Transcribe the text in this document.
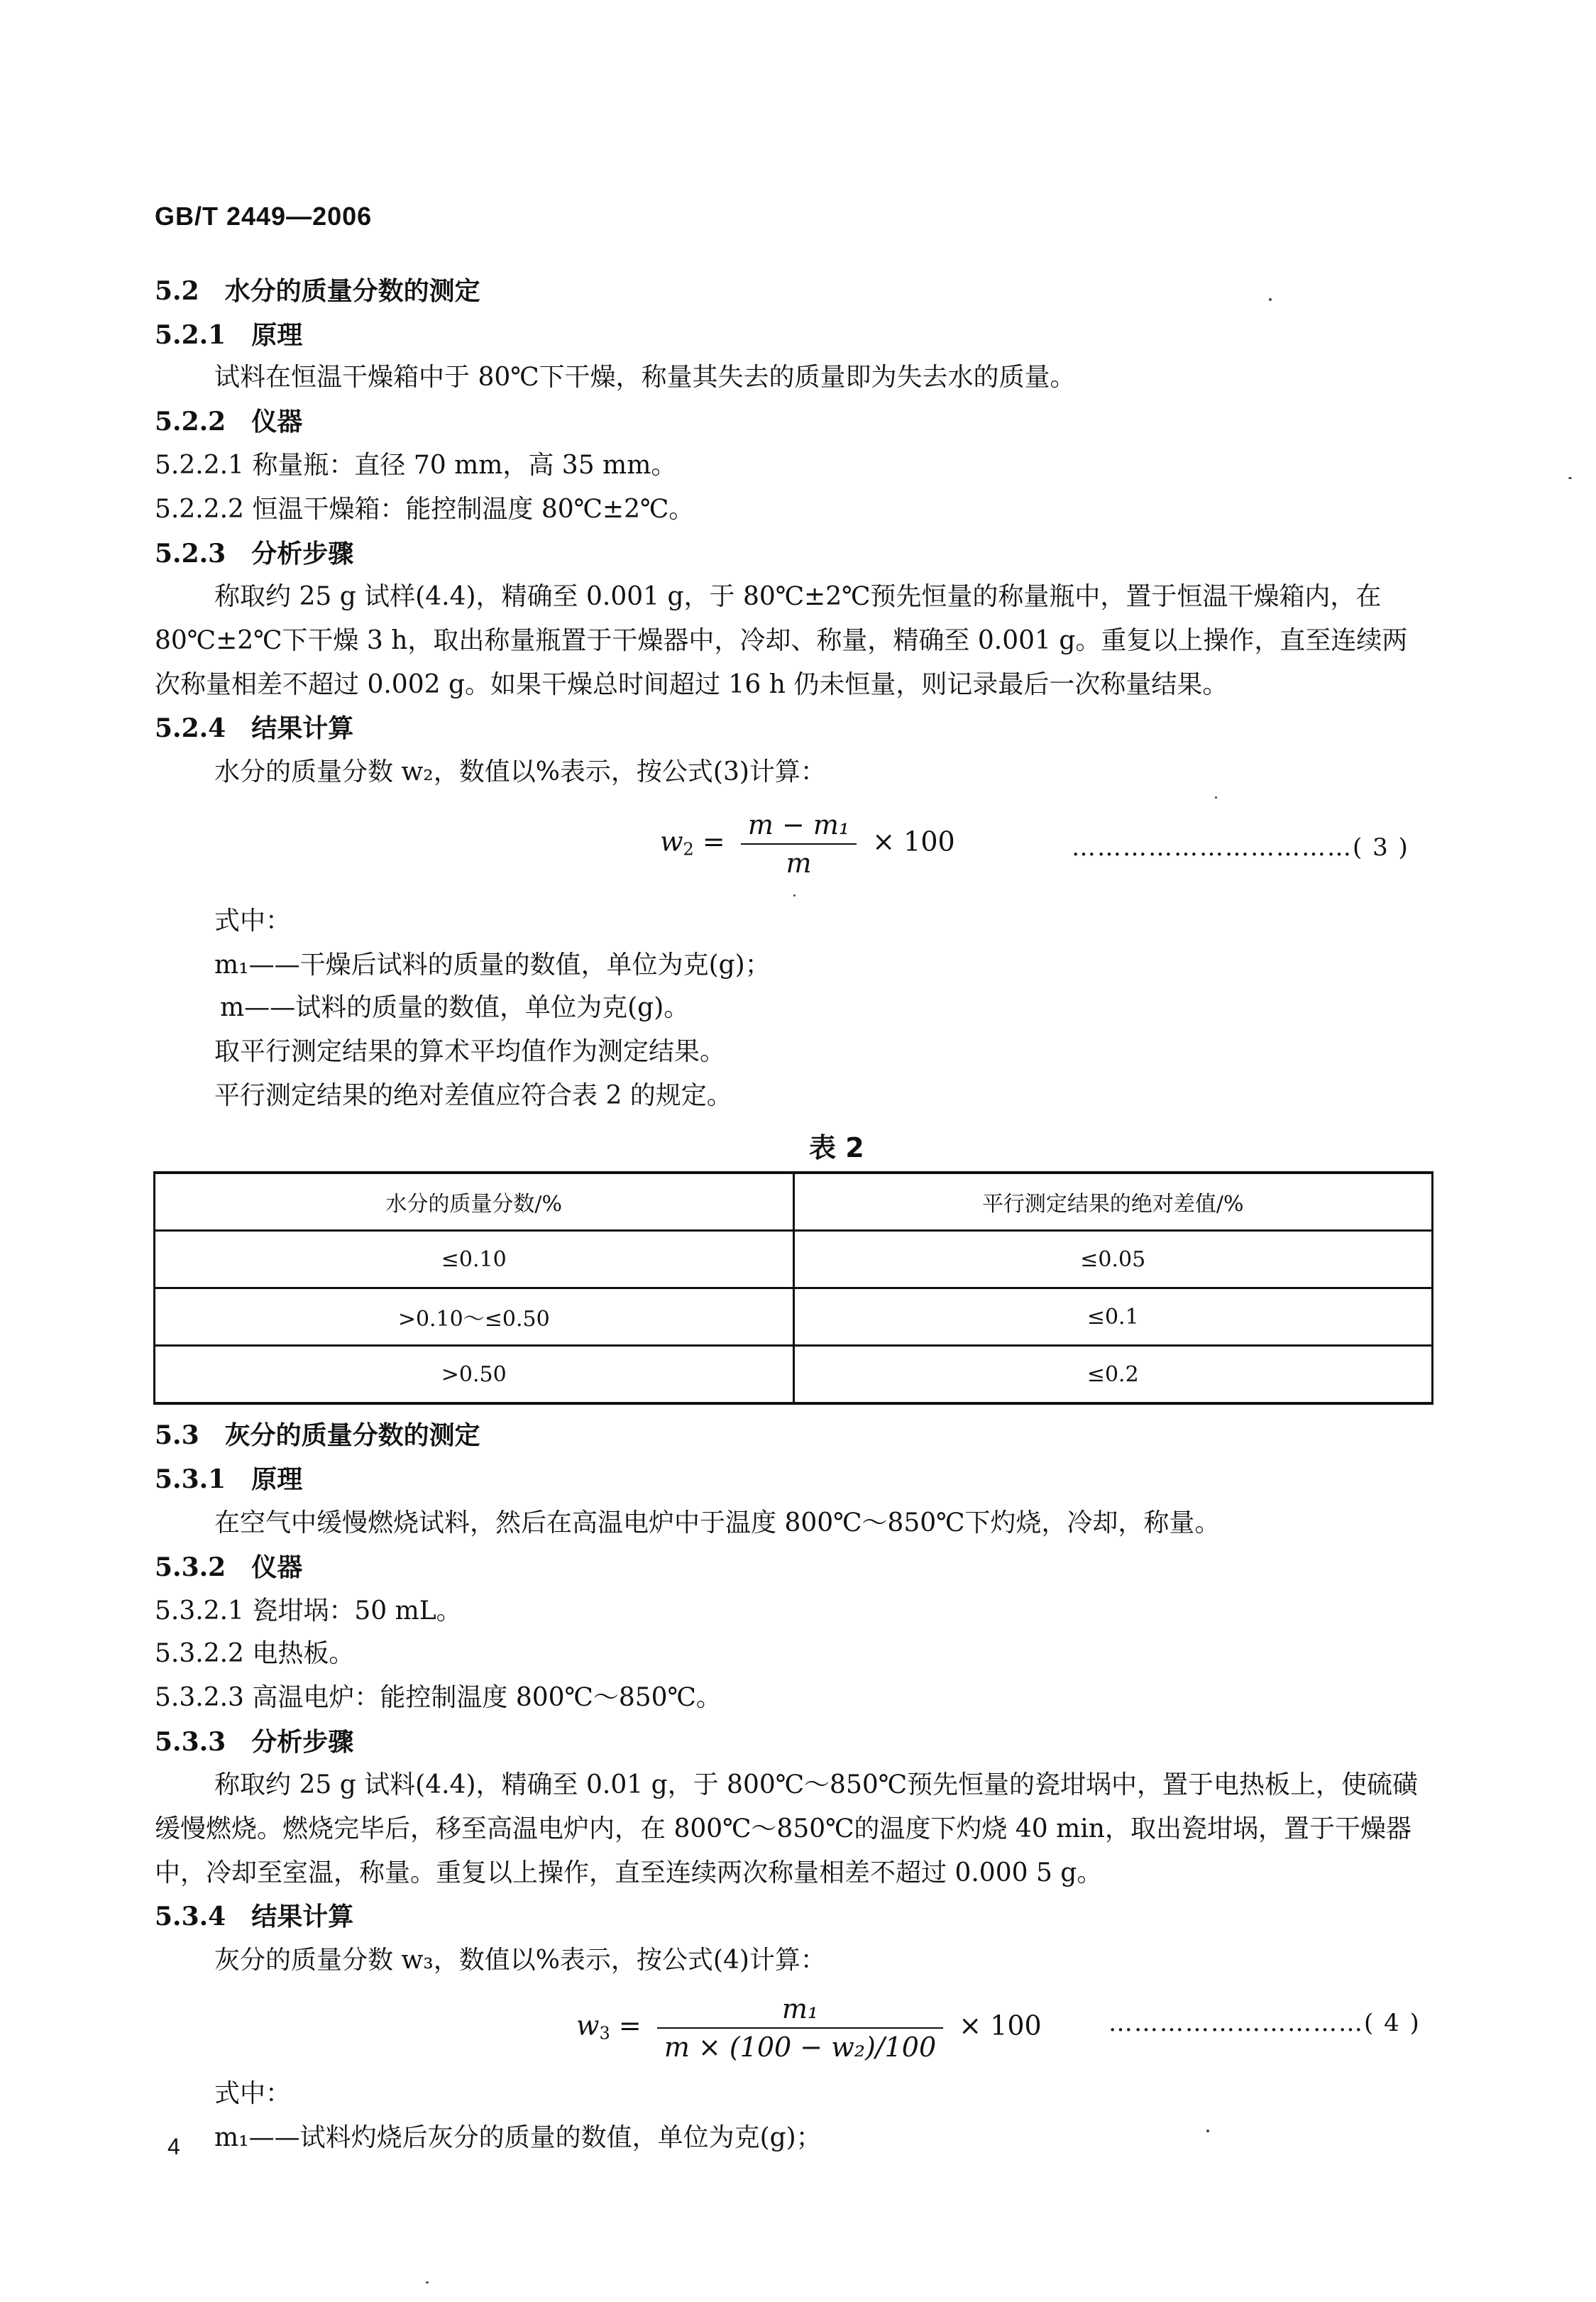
GB/T 2449—2006
5.2 水分的质量分数的测定
5.2.1 原理
试料在恒温干燥箱中于 80℃下干燥，称量其失去的质量即为失去水的质量。
5.2.2 仪器
5.2.2.1 称量瓶：直径 70 mm，高 35 mm。
5.2.2.2 恒温干燥箱：能控制温度 80℃±2℃。
5.2.3 分析步骤
称取约 25 g 试样(4.4)，精确至 0.001 g，于 80℃±2℃预先恒量的称量瓶中，置于恒温干燥箱内，在 80℃±2℃下干燥 3 h，取出称量瓶置于干燥器中，冷却、称量，精确至 0.001 g。重复以上操作，直至连续两次称量相差不超过 0.002 g。如果干燥总时间超过 16 h 仍未恒量，则记录最后一次称量结果。
5.2.4 结果计算
水分的质量分数 w₂，数值以%表示，按公式(3)计算：
$w2 = \frac{\text{m − m₁}}{m} \times 100$	……………………………( 3 )
式中：
m₁——干燥后试料的质量的数值，单位为克(g)；
m——试料的质量的数值，单位为克(g)。
取平行测定结果的算术平均值作为测定结果。
平行测定结果的绝对差值应符合表 2 的规定。
表 2
水分的质量分数/%	平行测定结果的绝对差值/%
≤0.10	≤0.05
>0.10～≤0.50	≤0.1
>0.50	≤0.2
5.3 灰分的质量分数的测定
5.3.1 原理
在空气中缓慢燃烧试料，然后在高温电炉中于温度 800℃～850℃下灼烧，冷却，称量。
5.3.2 仪器
5.3.2.1 瓷坩埚：50 mL。
5.3.2.2 电热板。
5.3.2.3 高温电炉：能控制温度 800℃～850℃。
5.3.3 分析步骤
称取约 25 g 试料(4.4)，精确至 0.01 g，于 800℃～850℃预先恒量的瓷坩埚中，置于电热板上，使硫磺缓慢燃烧。燃烧完毕后，移至高温电炉内，在 800℃～850℃的温度下灼烧 40 min，取出瓷坩埚，置于干燥器中，冷却至室温，称量。重复以上操作，直至连续两次称量相差不超过 0.000 5 g。
5.3.4 结果计算
灰分的质量分数 w₃，数值以%表示，按公式(4)计算：
$w3 = \frac{\text{m₁}}{\text{m × (100 − w₂)/100}} \times 100$	…………………………( 4 )
式中：
m₁——试料灼烧后灰分的质量的数值，单位为克(g)；
4
